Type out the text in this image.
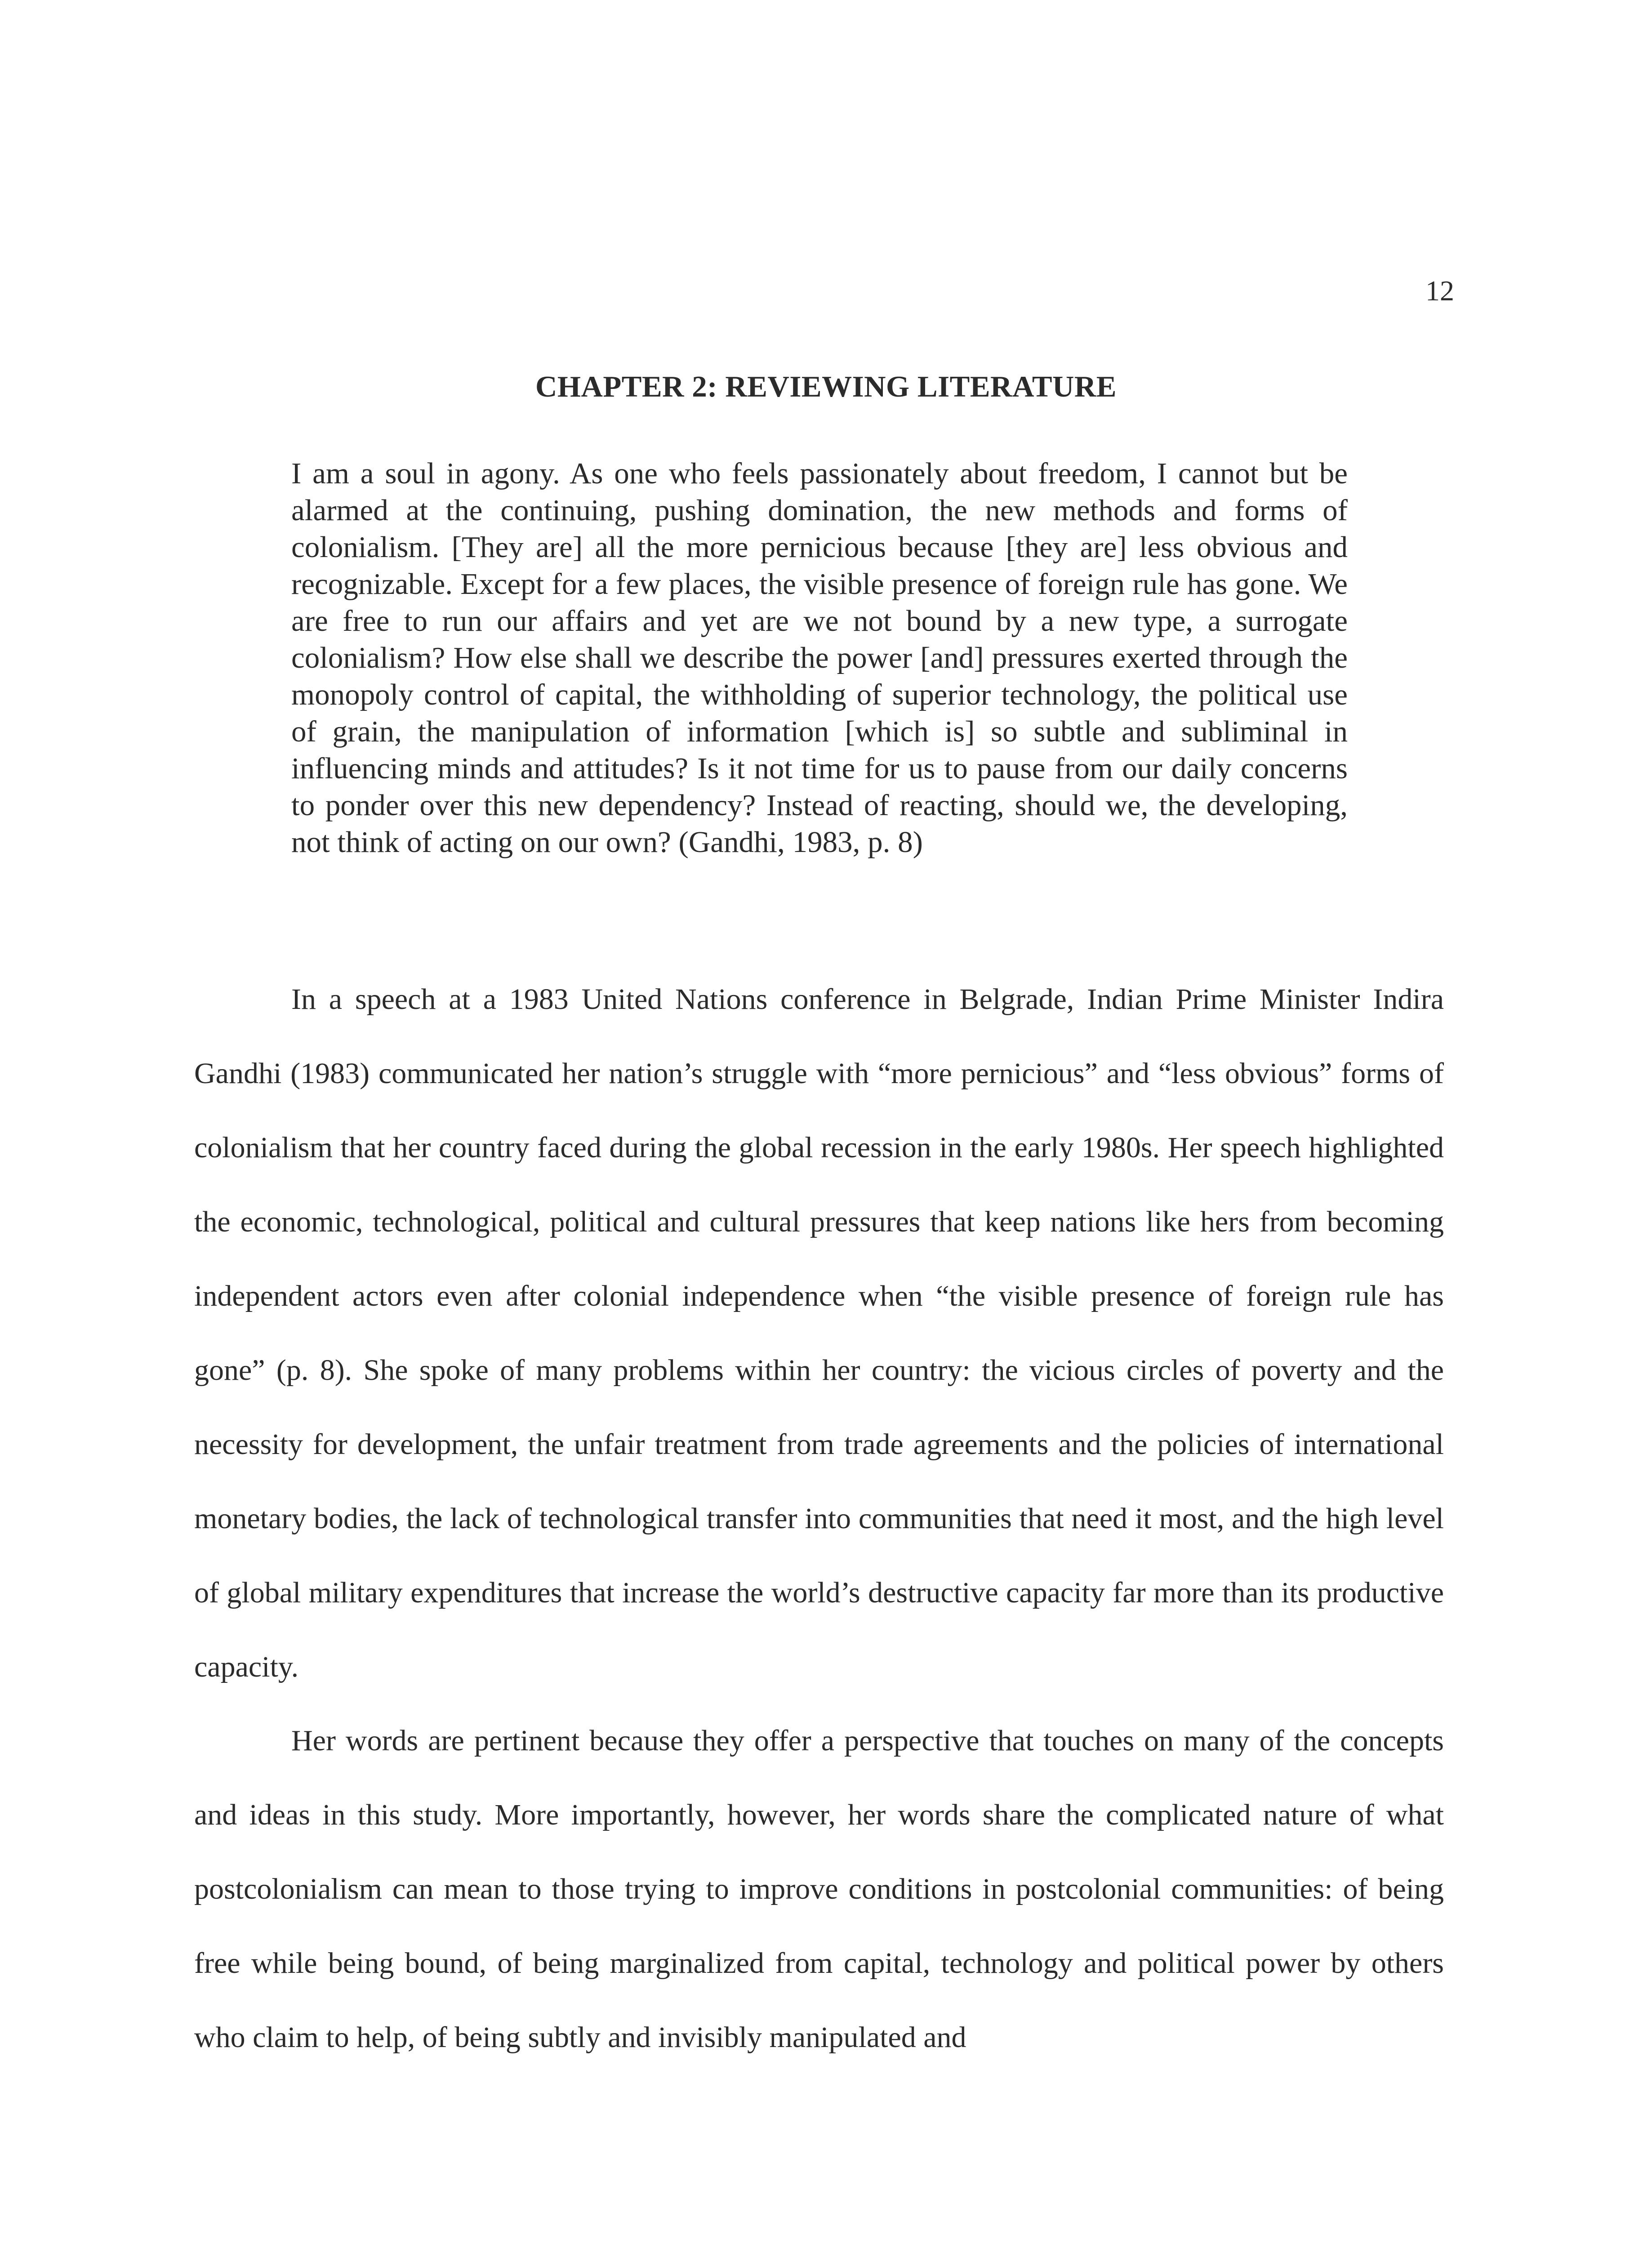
12
CHAPTER 2: REVIEWING LITERATURE

I am a soul in agony. As one who feels passionately about freedom, I cannot but be alarmed at the continuing, pushing domination, the new methods and forms of colonialism. [They are] all the more pernicious because [they are] less obvious and recognizable. Except for a few places, the visible presence of foreign rule has gone. We are free to run our affairs and yet are we not bound by a new type, a surrogate colonialism? How else shall we describe the power [and] pressures exerted through the monopoly control of capital, the withholding of superior technology, the political use of grain, the manipulation of information [which is] so subtle and subliminal in influencing minds and attitudes? Is it not time for us to pause from our daily concerns to ponder over this new dependency? Instead of reacting, should we, the developing, not think of acting on our own? (Gandhi, 1983, p. 8)

In a speech at a 1983 United Nations conference in Belgrade, Indian Prime Minister Indira Gandhi (1983) communicated her nation’s struggle with “more pernicious” and “less obvious” forms of colonialism that her country faced during the global recession in the early 1980s. Her speech highlighted the economic, technological, political and cultural pressures that keep nations like hers from becoming independent actors even after colonial independence when “the visible presence of foreign rule has gone” (p. 8). She spoke of many problems within her country: the vicious circles of poverty and the necessity for development, the unfair treatment from trade agreements and the policies of international monetary bodies, the lack of technological transfer into communities that need it most, and the high level of global military expenditures that increase the world’s destructive capacity far more than its productive capacity.

Her words are pertinent because they offer a perspective that touches on many of the concepts and ideas in this study. More importantly, however, her words share the complicated nature of what postcolonialism can mean to those trying to improve conditions in postcolonial communities: of being free while being bound, of being marginalized from capital, technology and political power by others who claim to help, of being subtly and invisibly manipulated and
